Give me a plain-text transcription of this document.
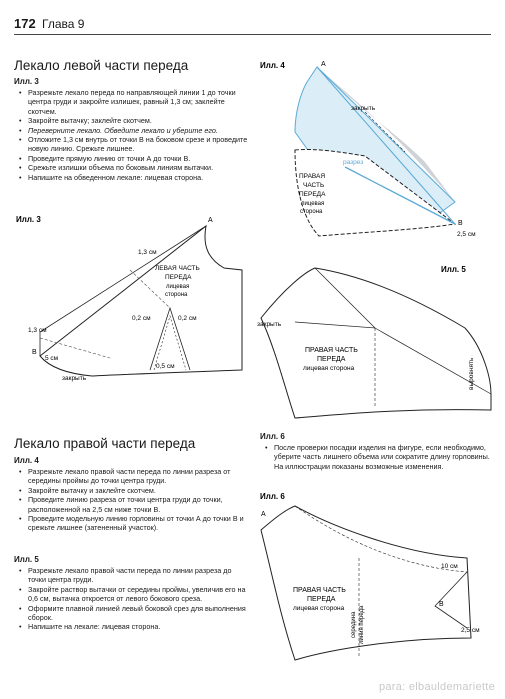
172 Глава 9
Лекало левой части переда
Илл. 3
• Разрежьте лекало переда по направляющей линии 1 до точки центра груди и закройте излишек, равный 1,3 см; заклейте скотчем.
• Закройте вытачку; заклейте скотчем.
• Переверните лекало. Обведите лекало и уберите его.
• Отложите 1,3 см внутрь от точки В на боковом срезе и проведите новую линию. Срежьте лишнее.
• Проведите прямую линию от точки А до точки В.
• Срежьте излишки объема по боковым линиям вытачки.
• Напишите на обведенном лекале: лицевая сторона.
Илл. 3	A
B
1,3 см
1,3 см
5 см
0,2 см	0,2 см
0,5 см
закрыть
ЛЕВАЯ ЧАСТЬ
ПЕРЕДА
лицевая
сторона
Илл. 4	A
B
закрыть
разрез
2,5 см
ПРАВАЯ
ЧАСТЬ
ПЕРЕДА
лицевая
сторона
Илл. 5
закрыть
выровнять
ПРАВАЯ ЧАСТЬ
ПЕРЕДА
лицевая сторона
Лекало правой части переда
Илл. 4
• Разрежьте лекало правой части переда по линии разреза от середины проймы до точки центра груди.
• Закройте вытачку и заклейте скотчем.
• Проведите линию разреза от точки центра груди до точки, расположенной на 2,5 см ниже точки В.
• Проведите модельную линию горловины от точки А до точки В и срежьте лишнее (затененный участок).
Илл. 5
• Разрежьте лекало правой части переда по линии разреза до точки центра груди.
• Закройте раствор вытачки от середины проймы, увеличив его на 0,6 см, вытачка откроется от левого бокового среза.
• Оформите плавной линией левый боковой срез для выполнения сборок.
• Напишите на лекале: лицевая сторона.
Илл. 6
• После проверки посадки изделия на фигуре, если необходимо, уберите часть лишнего объема или сократите длину горловины. На иллюстрации показаны возможные изменения.
Илл. 6
A
B
10 см
2,5 см
середина линия переда
ПРАВАЯ ЧАСТЬ
ПЕРЕДА
лицевая сторона
para: elbauldemariette
